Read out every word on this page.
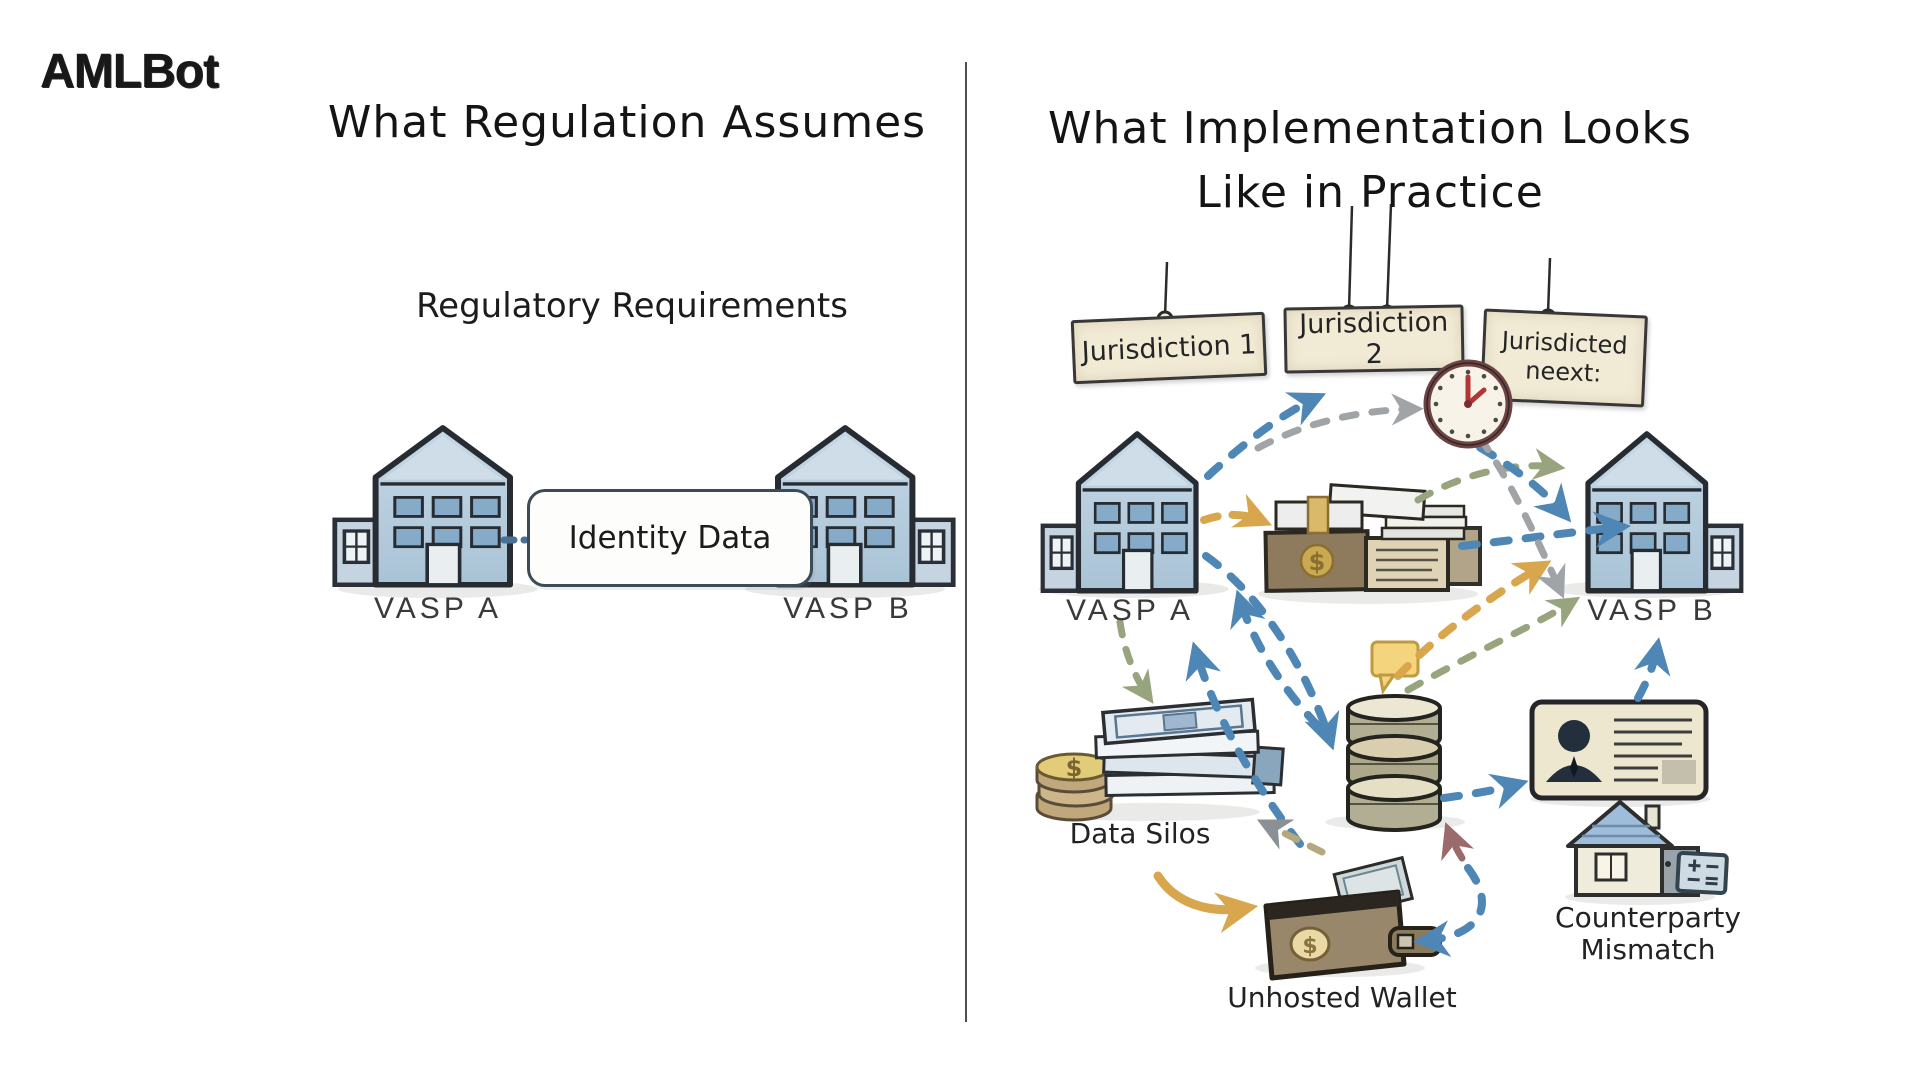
AMLBot
$
$
$
What Regulation Assumes	What Implementation Looks
Like in Practice
Regulatory Requirements
Identity Data
VASP A	VASP B
Jurisdiction 1
Jurisdiction 2	Jurisdicted neext:
VASP A	VASP B
Data Silos
Unhosted Wallet
Counterparty Mismatch
